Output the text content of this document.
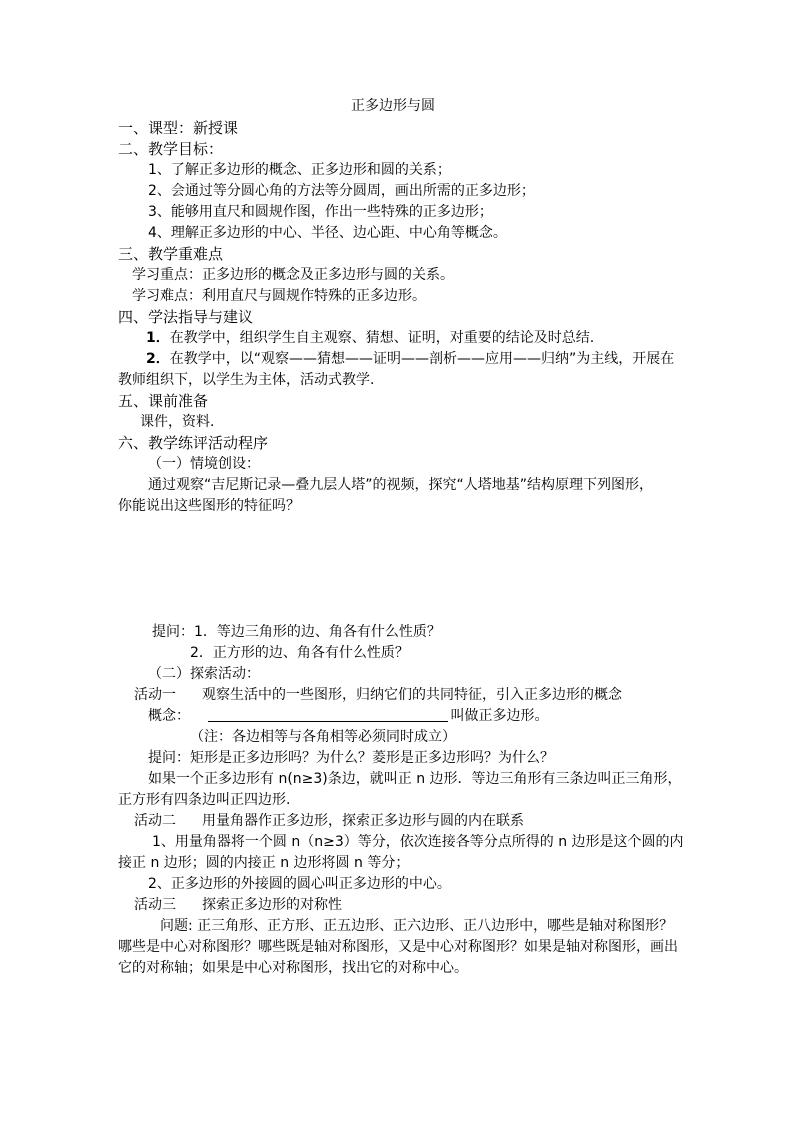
正多边形与圆
一、课型：新授课
二、教学目标：
1、了解正多边形的概念、正多边形和圆的关系；
2、会通过等分圆心角的方法等分圆周，画出所需的正多边形；
3、能够用直尺和圆规作图，作出一些特殊的正多边形；
4、理解正多边形的中心、半径、边心距、中心角等概念。
三、教学重难点
学习重点：正多边形的概念及正多边形与圆的关系。
学习难点：利用直尺与圆规作特殊的正多边形。
四、学法指导与建议
1．在教学中，组织学生自主观察、猜想、证明，对重要的结论及时总结.
2．在教学中，以“观察——猜想——证明——剖析——应用——归纳”为主线，开展在
教师组织下，以学生为主体，活动式教学.
五、课前准备
课件，资料.
六、教学练评活动程序
（一）情境创设：
通过观察“吉尼斯记录—叠九层人塔”的视频，探究“人塔地基”结构原理下列图形，
你能说出这些图形的特征吗？
提问：1．等边三角形的边、角各有什么性质？
2．正方形的边、角各有什么性质？
（二）探索活动：
活动一 观察生活中的一些图形，归纳它们的共同特征，引入正多边形的概念
概念：	叫做正多边形。
（注：各边相等与各角相等必须同时成立）
提问：矩形是正多边形吗？为什么？菱形是正多边形吗？为什么？
如果一个正多边形有 n(n≥3)条边，就叫正 n 边形．等边三角形有三条边叫正三角形，
正方形有四条边叫正四边形.
活动二 用量角器作正多边形，探索正多边形与圆的内在联系
1、用量角器将一个圆 n（n≥3）等分，依次连接各等分点所得的 n 边形是这个圆的内
接正 n 边形；圆的内接正 n 边形将圆 n 等分；
2、正多边形的外接圆的圆心叫正多边形的中心。
活动三 探索正多边形的对称性
问题: 正三角形、正方形、正五边形、正六边形、正八边形中，哪些是轴对称图形？
哪些是中心对称图形？哪些既是轴对称图形，又是中心对称图形？如果是轴对称图形，画出
它的对称轴；如果是中心对称图形，找出它的对称中心。
